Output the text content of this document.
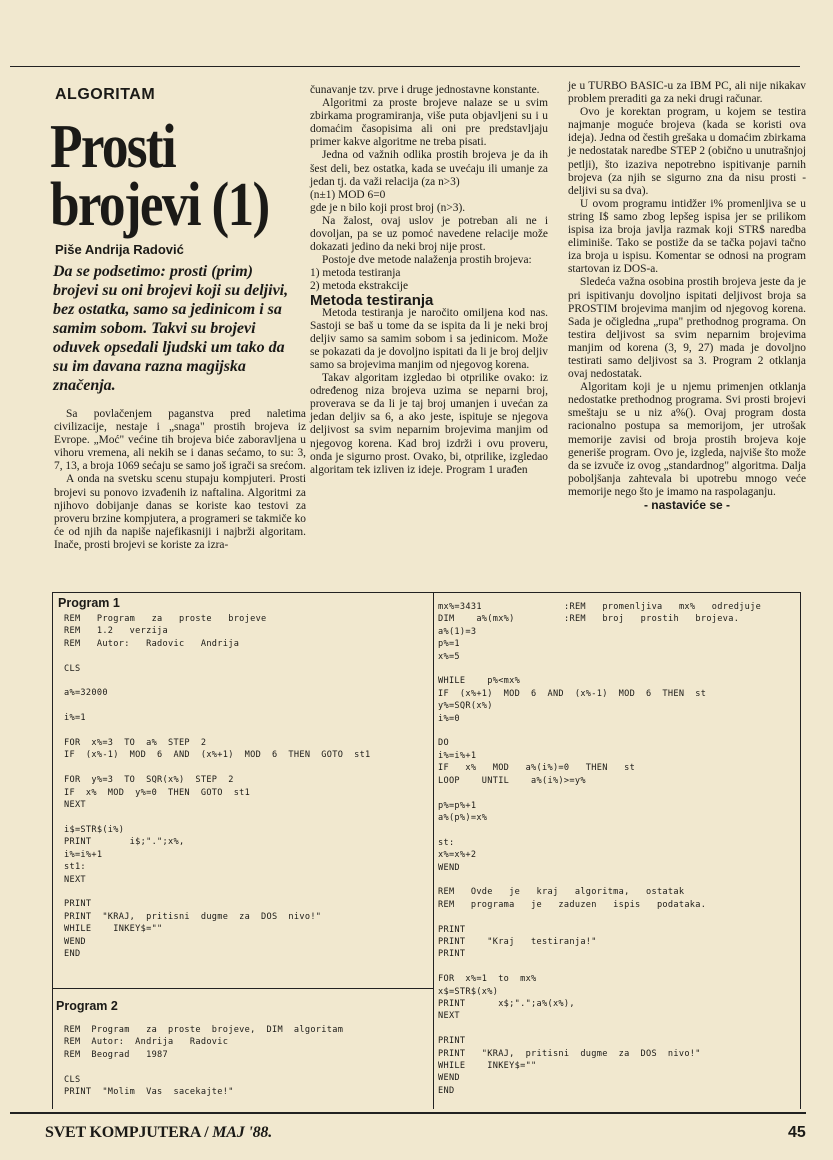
ALGORITAM
Prosti
brojevi (1)
Piše Andrija Radović
Da se podsetimo: prosti (prim) brojevi su oni brojevi koji su deljivi, bez ostatka, samo sa jedinicom i sa samim sobom. Takvi su brojevi oduvek opsedali ljudski um tako da su im davana razna magijska značenja.

Sa povlačenjem paganstva pred naletima civilizacije, nestaje i „snaga" prostih brojeva iz Evrope. „Moć" većine tih brojeva biće zaboravljena u vihoru vremena, ali nekih se i danas sećamo, to su: 3, 7, 13, a broja 1069 sećaju se samo još igrači sa srećom.

A onda na svetsku scenu stupaju kompjuteri. Prosti brojevi su ponovo izvađenih iz naftalina. Algoritmi za njihovo dobijanje danas se koriste kao testovi za proveru brzine kompjutera, a programeri se takmiče ko će od njih da napiše najefikasniji i najbrži algoritam. Inače, prosti brojevi se koriste za izra-

čunavanje tzv. prve i druge jednostavne konstante.

Algoritmi za proste brojeve nalaze se u svim zbirkama programiranja, više puta objavljeni su i u domaćim časopisima ali oni pre predstavljaju primer kakve algoritme ne treba pisati.

Jedna od važnih odlika prostih brojeva je da ih šest deli, bez ostatka, kada se uvećaju ili umanje za jedan tj. da važi relacija (za n>3)

(n±1) MOD 6=0

gde je n bilo koji prost broj (n>3).

Na žalost, ovaj uslov je potreban ali ne i dovoljan, pa se uz pomoć navedene relacije može dokazati jedino da neki broj nije prost.

Postoje dve metode nalaženja prostih brojeva:

1) metoda testiranja

2) metoda ekstrakcije

Metoda testiranja

Metoda testiranja je naročito omiljena kod nas. Sastoji se baš u tome da se ispita da li je neki broj deljiv samo sa samim sobom i sa jedinicom. Može se pokazati da je dovoljno ispitati da li je broj deljiv samo sa brojevima manjim od njegovog korena.

Takav algoritam izgledao bi otprilike ovako: iz određenog niza brojeva uzima se neparni broj, proverava se da li je taj broj umanjen i uvećan za jedan deljiv sa 6, a ako jeste, ispituje se njegova deljivost sa svim neparnim brojevima manjim od njegovog korena. Kad broj izdrži i ovu proveru, onda je sigurno prost. Ovako, bi, otprilike, izgledao algoritam tek izliven iz ideje. Program 1 urađen

je u TURBO BASIC-u za IBM PC, ali nije nikakav problem preraditi ga za neki drugi računar.

Ovo je korektan program, u kojem se testira najmanje moguće brojeva (kada se koristi ova ideja). Jedna od čestih grešaka u domaćim zbirkama je nedostatak naredbe STEP 2 (obično u unutrašnjoj petlji), što izaziva nepotrebno ispitivanje parnih brojeva (za njih se sigurno zna da nisu prosti - deljivi su sa dva).

U ovom programu intidžer i% promenljiva se u string I$ samo zbog lepšeg ispisa jer se prilikom ispisa iza broja javlja razmak koji STR$ naredba eliminiše. Tako se postiže da se tačka pojavi tačno iza broja u ispisu. Komentar se odnosi na program startovan iz DOS-a.

Sledeća važna osobina prostih brojeva jeste da je pri ispitivanju dovoljno ispitati deljivost broja sa PROSTIM brojevima manjim od njegovog korena. Sada je očigledna „rupa" prethodnog programa. On testira deljivost sa svim neparnim brojevima manjim od korena (3, 9, 27) mada je dovoljno testirati samo deljivost sa 3. Program 2 otklanja ovaj nedostatak.

Algoritam koji je u njemu primenjen otklanja nedostatke prethodnog programa. Svi prosti brojevi smeštaju se u niz a%(). Ovaj program dosta racionalno postupa sa memorijom, jer utrošak memorije zavisi od broja prostih brojeva koje generiše program. Ovo je, izgleda, najviše što može da se izvuče iz ovog „standardnog" algoritma. Dalja poboljšanja zahtevala bi upotrebu mnogo veće memorije nego što je imamo na raspolaganju.

- nastaviće se -

Program 1
REM   Program   za   proste   brojeve
REM   1.2   verzija
REM   Autor:   Radovic   Andrija

CLS

a%=32000

i%=1

FOR  x%=3  TO  a%  STEP  2
IF  (x%-1)  MOD  6  AND  (x%+1)  MOD  6  THEN  GOTO  st1

FOR  y%=3  TO  SQR(x%)  STEP  2
IF  x%  MOD  y%=0  THEN  GOTO  st1
NEXT

i$=STR$(i%)
PRINT       i$;".";x%,
i%=i%+1
st1:
NEXT

PRINT
PRINT  "KRAJ,  pritisni  dugme  za  DOS  nivo!"
WHILE    INKEY$=""
WEND
END
Program 2
REM  Program   za  proste  brojeve,  DIM  algoritam
REM  Autor:  Andrija   Radovic
REM  Beograd   1987

CLS
PRINT  "Molim  Vas  sacekajte!"
mx%=3431
DIM    a%(mx%)
a%(1)=3
p%=1
x%=5

WHILE    p%<mx%
IF  (x%+1)  MOD  6  AND  (x%-1)  MOD  6  THEN  st
y%=SQR(x%)
i%=0

DO
i%=i%+1
IF   x%   MOD   a%(i%)=0   THEN   st
LOOP    UNTIL    a%(i%)>=y%

p%=p%+1
a%(p%)=x%

st:
x%=x%+2
WEND

REM   Ovde   je   kraj   algoritma,   ostatak
REM   programa   je   zaduzen   ispis   podataka.

PRINT
PRINT    "Kraj   testiranja!"
PRINT

FOR  x%=1  to  mx%
x$=STR$(x%)
PRINT      x$;".";a%(x%),
NEXT

PRINT
PRINT   "KRAJ,  pritisni  dugme  za  DOS  nivo!"
WHILE    INKEY$=""
WEND
END
:REM   promenljiva   mx%   odredjuje
:REM   broj   prostih   brojeva.
SVET KOMPJUTERA / MAJ '88.	45
